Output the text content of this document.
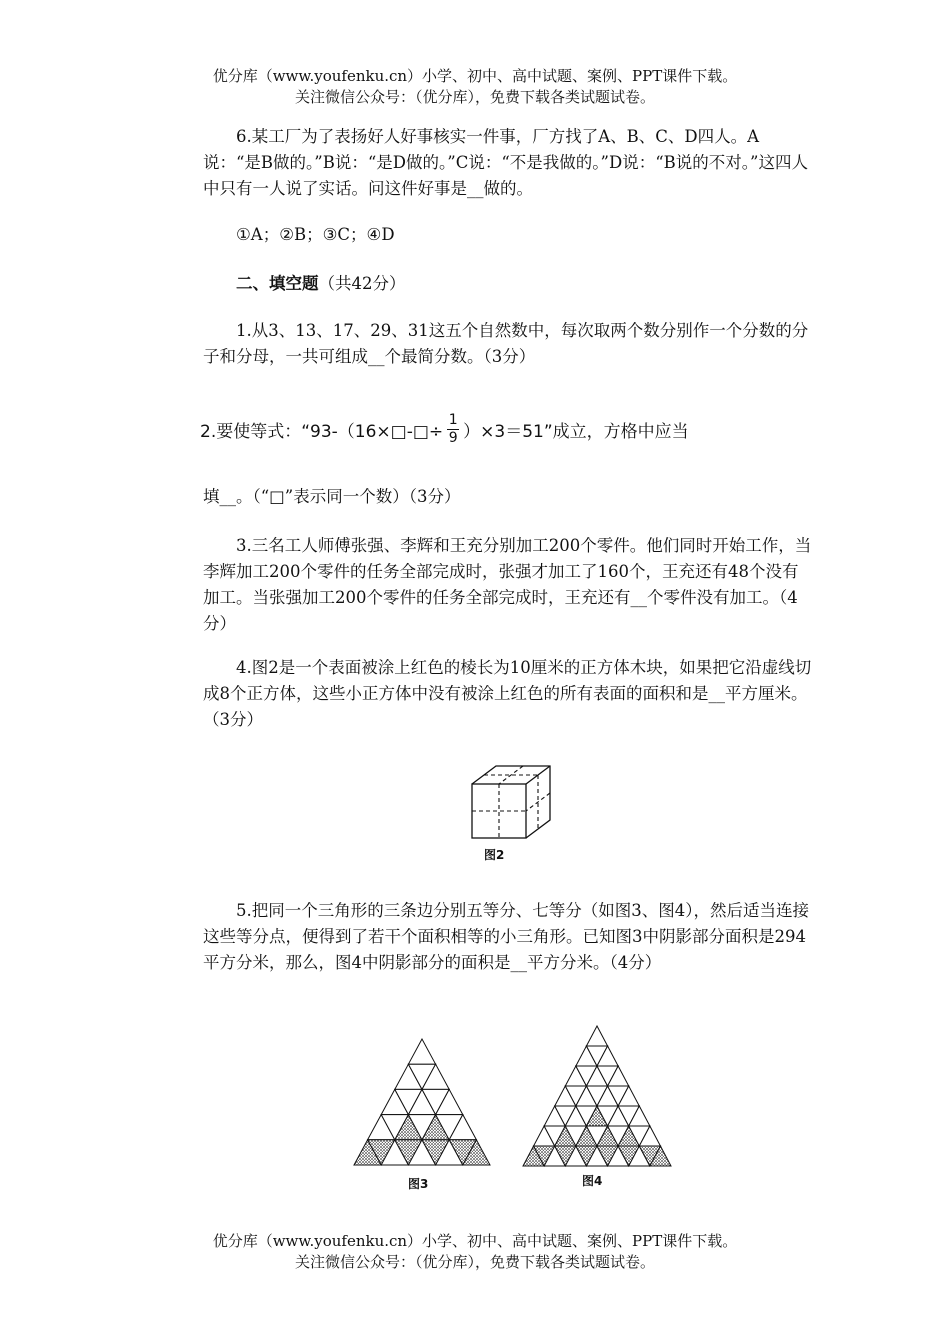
优分库（www.youfenku.cn）小学、初中、高中试题、案例、PPT课件下载。
关注微信公众号：（优分库），免费下载各类试题试卷。

6.某工厂为了表扬好人好事核实一件事，厂方找了A、B、C、D四人。A说：“是B做的。”B说：“是D做的。”C说：“不是我做的。”D说：“B说的不对。”这四人中只有一人说了实话。问这件好事是__做的。

①A；②B；③C；④D

二、填空题（共42分）

1.从3、13、17、29、31这五个自然数中，每次取两个数分别作一个分数的分子和分母，一共可组成__个最简分数。（3分）

2.要使等式：“93-（16×□-□÷ $\frac{1}{9} )\times 3=51$”成立，方格中应当

填__。（“□”表示同一个数）（3分）

3.三名工人师傅张强、李辉和王充分别加工200个零件。他们同时开始工作，当李辉加工200个零件的任务全部完成时，张强才加工了160个，王充还有48个没有加工。当张强加工200个零件的任务全部完成时，王充还有__个零件没有加工。（4分）

4.图2是一个表面被涂上红色的棱长为10厘米的正方体木块，如果把它沿虚线切成8个正方体，这些小正方体中没有被涂上红色的所有表面的面积和是__平方厘米。（3分）

图2

5.把同一个三角形的三条边分别五等分、七等分（如图3、图4），然后适当连接这些等分点，便得到了若干个面积相等的小三角形。已知图3中阴影部分面积是294平方分米，那么，图4中阴影部分的面积是__平方分米。（4分）

图3	图4
优分库（www.youfenku.cn）小学、初中、高中试题、案例、PPT课件下载。
关注微信公众号：（优分库），免费下载各类试题试卷。
